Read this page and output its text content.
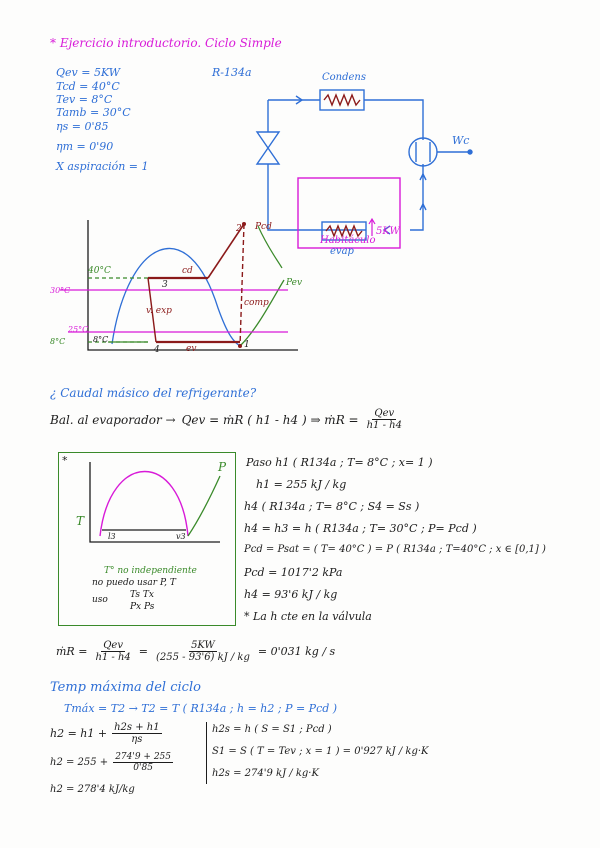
* Ejercicio introductorio. Ciclo Simple
Qev = 5KW
Tcd = 40°C
Tev = 8°C
Tamb = 30°C
ηs = 0'85
ηm = 0'90
X aspiración = 1
R-134a	Condens
evap
Habitáculo
5KW
Wc
Pcd
Pev
40°C
30°C
25°C
8°C	8°C
1
2
3
4
cd
comp
v. exp
ev
¿ Caudal másico del refrigerante?
Bal. al evaporador → Qev = ṁR ( h1 - h4 ) ⇒ ṁR = $\frac{\text{Qev}}{h1 - h4}$
*	P
T
l3	v3
T° no independiente
no puedo usar P, T
uso Ts Tx
Px Ps
Paso h1 ( R134a ; T= 8°C ; x= 1 )
h1 = 255 kJ / kg
h4 ( R134a ; T= 8°C ; S4 = Ss )
h4 = h3 = h ( R134a ; T= 30°C ; P= Pcd )
Pcd = Psat = ( T= 40°C ) = P ( R134a ; T=40°C ; x ∈ [0,1] )
Pcd = 1017'2 kPa
h4 = 93'6 kJ / kg
* La h cte en la válvula
ṁR = $\frac{\text{Qev}}{h1 - h4} = \frac{5KW}{(255 - 93'6) kJ / kg} = 0'031$ kg / s
Temp máxima del ciclo
Tmáx = T2 → T2 = T ( R134a ; h = h2 ; P = Pcd )
$h2 = h1 + \frac{h2s + h1}{\eta s}$
$h2 = 255 + \frac{274'9 + 255}{0'85}$
h2 = 278'4 kJ/kg
h2s = h ( S = S1 ; Pcd )
S1 = S ( T = Tev ; x = 1 ) = 0'927 kJ / kg·K
h2s = 274'9 kJ / kg·K
